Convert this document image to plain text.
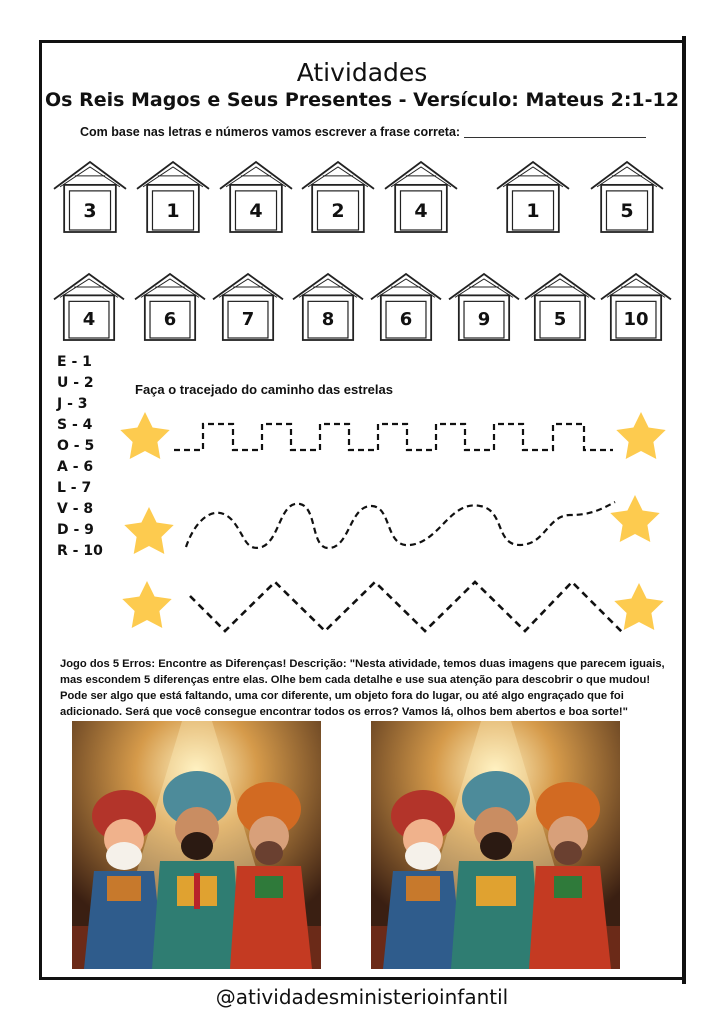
Atividades
Os Reis Magos e Seus Presentes - Versículo: Mateus 2:1-12
Com base nas letras e números vamos escrever a frase correta:
3	1	4	2	4	1	5
4	6	7	8	6	9	5	10
E - 1
U - 2
J - 3
S - 4
O - 5
A - 6
L - 7
V - 8
D - 9
R - 10
Faça o tracejado do caminho das estrelas
Jogo dos 5 Erros: Encontre as Diferenças! Descrição: "Nesta atividade, temos duas imagens que parecem iguais, mas escondem 5 diferenças entre elas. Olhe bem cada detalhe e use sua atenção para descobrir o que mudou! Pode ser algo que está faltando, uma cor diferente, um objeto fora do lugar, ou até algo engraçado que foi adicionado. Será que você consegue encontrar todos os erros? Vamos lá, olhos bem abertos e boa sorte!"
@atividadesministerioinfantil
